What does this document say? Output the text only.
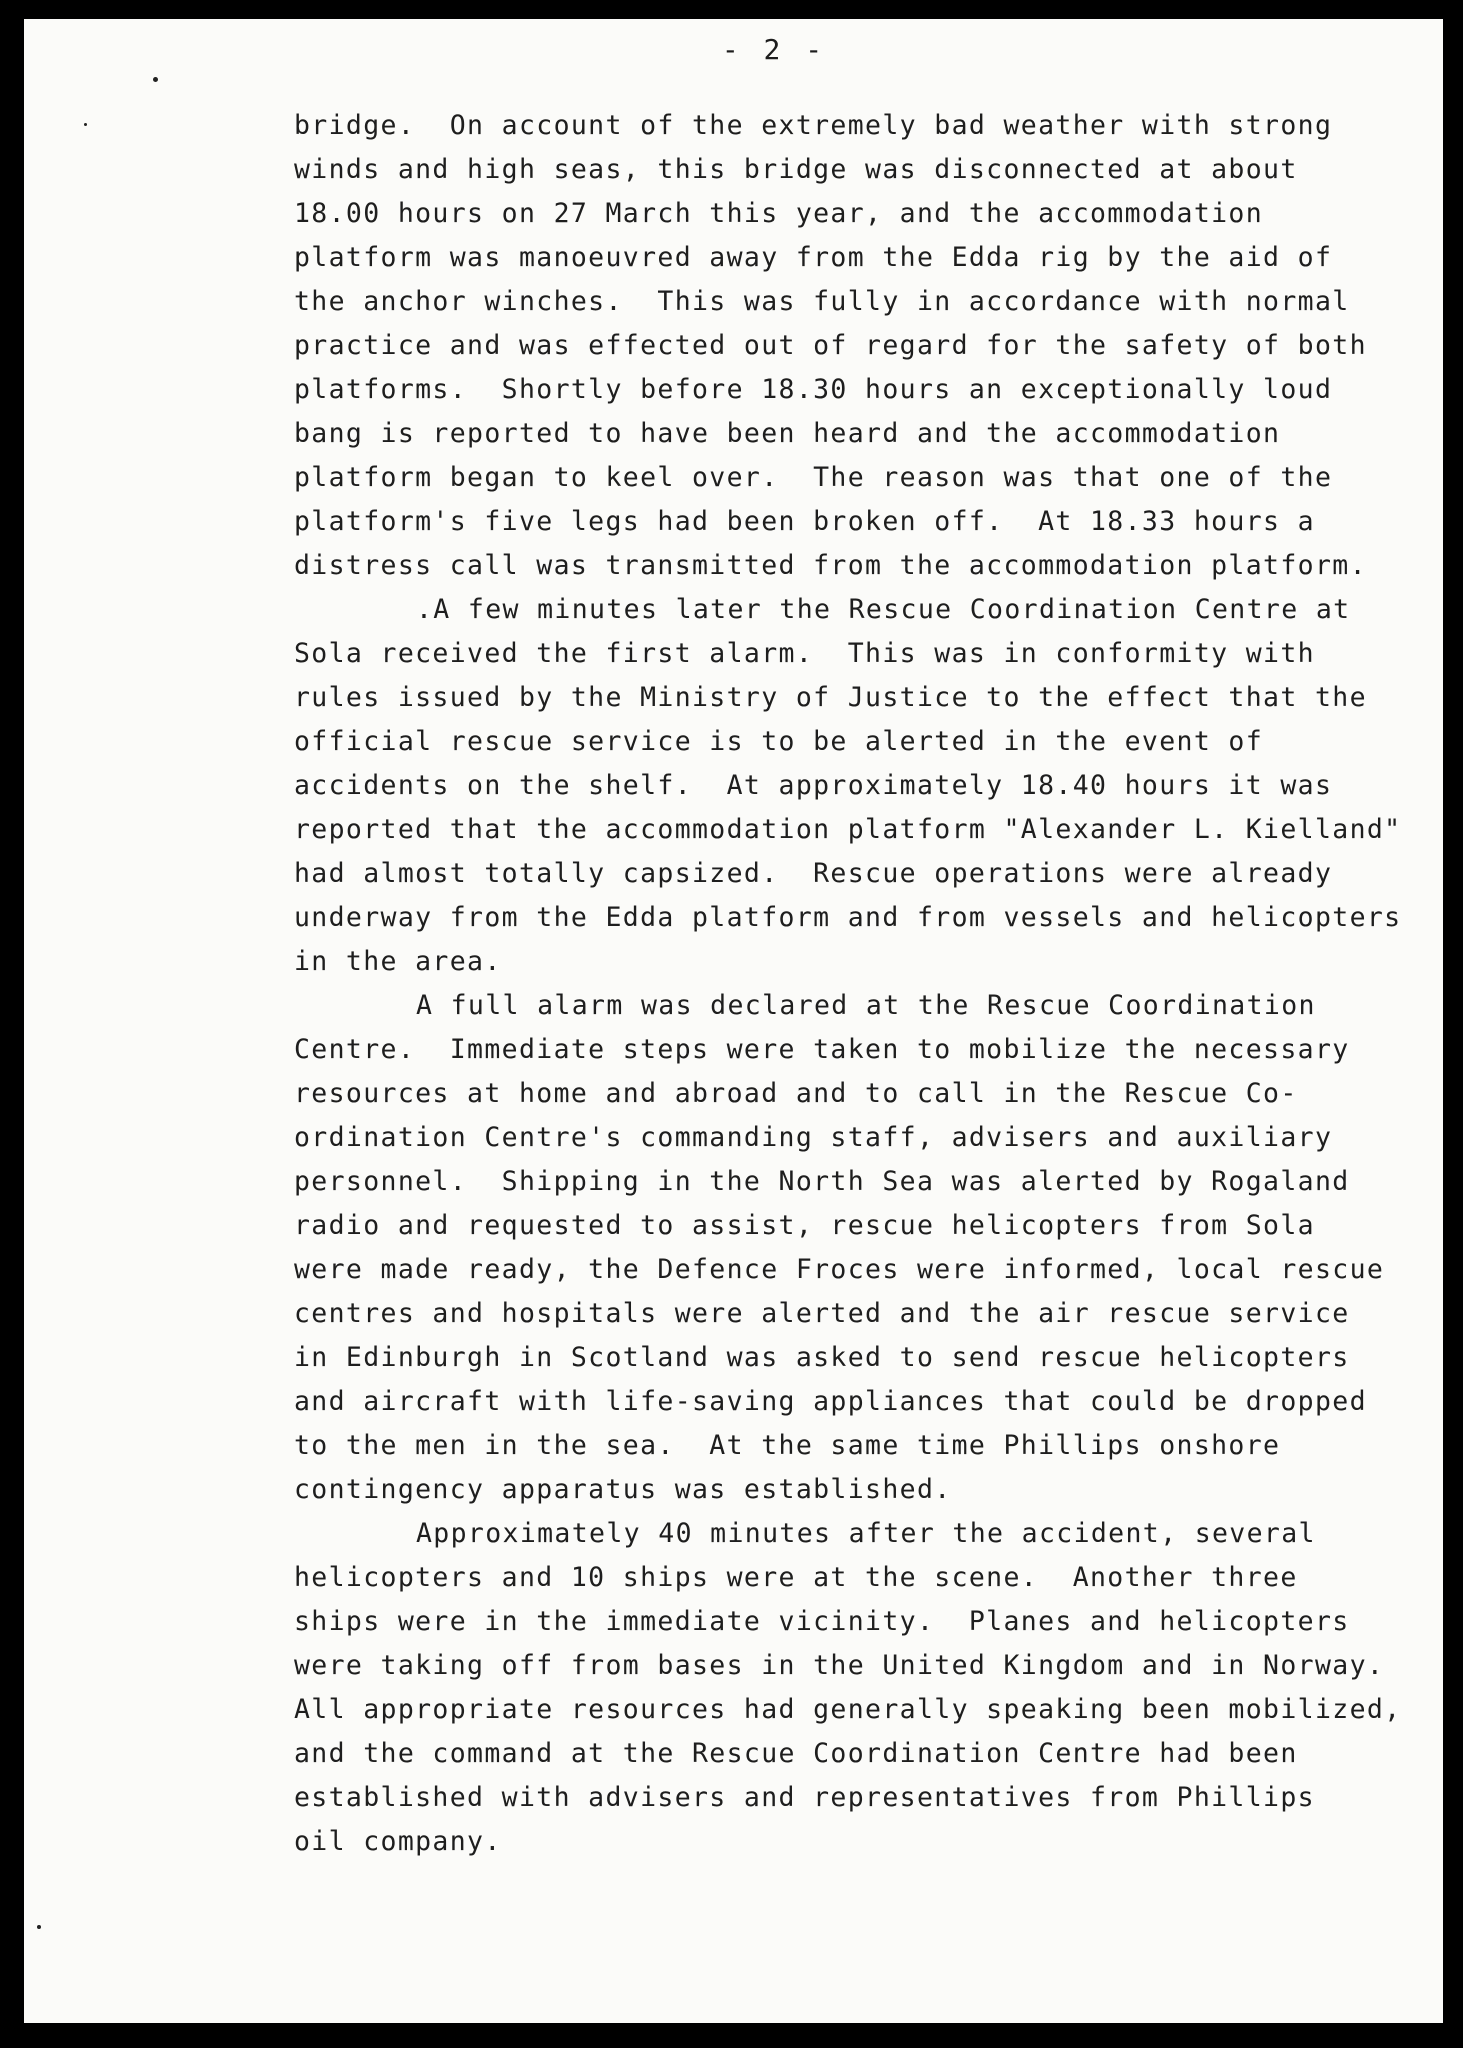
- 2 -
bridge.  On account of the extremely bad weather with strong
winds and high seas, this bridge was disconnected at about
18.00 hours on 27 March this year, and the accommodation
platform was manoeuvred away from the Edda rig by the aid of
the anchor winches.  This was fully in accordance with normal
practice and was effected out of regard for the safety of both
platforms.  Shortly before 18.30 hours an exceptionally loud
bang is reported to have been heard and the accommodation
platform began to keel over.  The reason was that one of the
platform's five legs had been broken off.  At 18.33 hours a
distress call was transmitted from the accommodation platform.
.A few minutes later the Rescue Coordination Centre at
Sola received the first alarm.  This was in conformity with
rules issued by the Ministry of Justice to the effect that the
official rescue service is to be alerted in the event of
accidents on the shelf.  At approximately 18.40 hours it was
reported that the accommodation platform "Alexander L. Kielland"
had almost totally capsized.  Rescue operations were already
underway from the Edda platform and from vessels and helicopters
in the area.
A full alarm was declared at the Rescue Coordination
Centre.  Immediate steps were taken to mobilize the necessary
resources at home and abroad and to call in the Rescue Co-
ordination Centre's commanding staff, advisers and auxiliary
personnel.  Shipping in the North Sea was alerted by Rogaland
radio and requested to assist, rescue helicopters from Sola
were made ready, the Defence Froces were informed, local rescue
centres and hospitals were alerted and the air rescue service
in Edinburgh in Scotland was asked to send rescue helicopters
and aircraft with life-saving appliances that could be dropped
to the men in the sea.  At the same time Phillips onshore
contingency apparatus was established.
Approximately 40 minutes after the accident, several
helicopters and 10 ships were at the scene.  Another three
ships were in the immediate vicinity.  Planes and helicopters
were taking off from bases in the United Kingdom and in Norway.
All appropriate resources had generally speaking been mobilized,
and the command at the Rescue Coordination Centre had been
established with advisers and representatives from Phillips
oil company.
